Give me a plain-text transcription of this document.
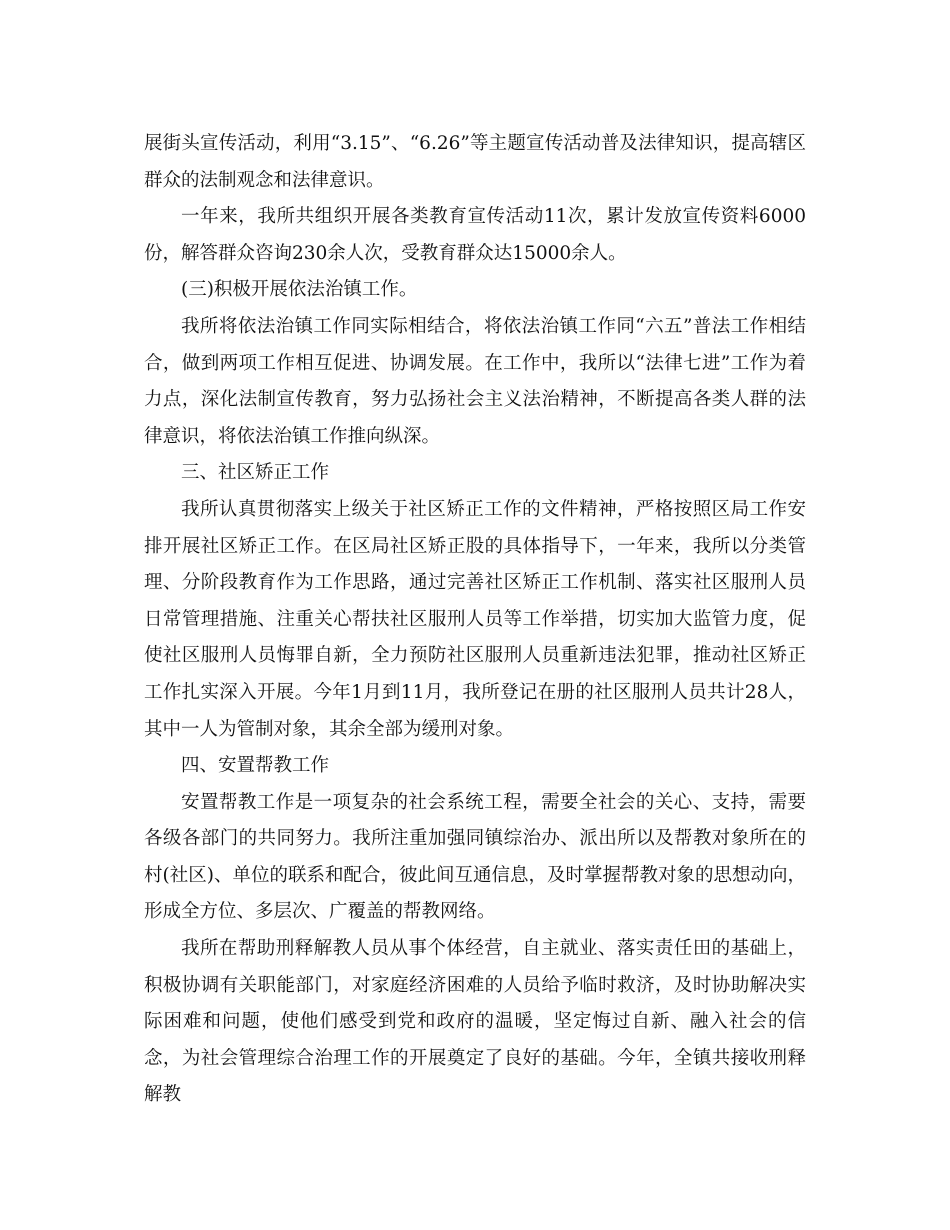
展街头宣传活动，利用“3.15”、“6.26”等主题宣传活动普及法律知识，提高辖区群众的法制观念和法律意识。

一年来，我所共组织开展各类教育宣传活动11次，累计发放宣传资料6000份，解答群众咨询230余人次，受教育群众达15000余人。

(三)积极开展依法治镇工作。

我所将依法治镇工作同实际相结合，将依法治镇工作同“六五”普法工作相结合，做到两项工作相互促进、协调发展。在工作中，我所以“法律七进”工作为着力点，深化法制宣传教育，努力弘扬社会主义法治精神，不断提高各类人群的法律意识，将依法治镇工作推向纵深。

三、社区矫正工作

我所认真贯彻落实上级关于社区矫正工作的文件精神，严格按照区局工作安排开展社区矫正工作。在区局社区矫正股的具体指导下，一年来，我所以分类管理、分阶段教育作为工作思路，通过完善社区矫正工作机制、落实社区服刑人员日常管理措施、注重关心帮扶社区服刑人员等工作举措，切实加大监管力度，促使社区服刑人员悔罪自新，全力预防社区服刑人员重新违法犯罪，推动社区矫正工作扎实深入开展。今年1月到11月，我所登记在册的社区服刑人员共计28人，其中一人为管制对象，其余全部为缓刑对象。

四、安置帮教工作

安置帮教工作是一项复杂的社会系统工程，需要全社会的关心、支持，需要各级各部门的共同努力。我所注重加强同镇综治办、派出所以及帮教对象所在的村(社区)、单位的联系和配合，彼此间互通信息，及时掌握帮教对象的思想动向，形成全方位、多层次、广覆盖的帮教网络。

我所在帮助刑释解教人员从事个体经营，自主就业、落实责任田的基础上，积极协调有关职能部门，对家庭经济困难的人员给予临时救济，及时协助解决实际困难和问题，使他们感受到党和政府的温暖，坚定悔过自新、融入社会的信念，为社会管理综合治理工作的开展奠定了良好的基础。今年，全镇共接收刑释解教
